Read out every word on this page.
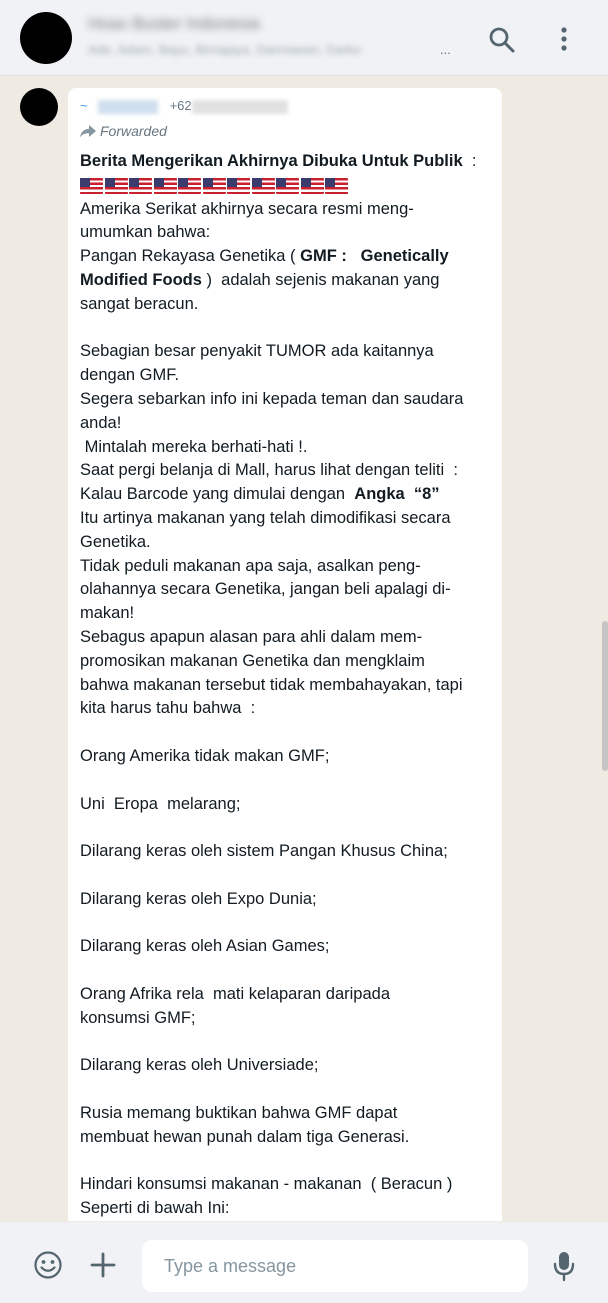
Hoax Buster Indonesia
Ade, Adam, Bayu, Bimajaya, Darmawan, Darko	...
~	+62
Forwarded
Berita Mengerikan Akhirnya Dibuka Untuk Publik  :
Amerika Serikat akhirnya secara resmi meng-
umumkan bahwa:
Pangan Rekayasa Genetika ( GMF :   Genetically
Modified Foods )  adalah sejenis makanan yang
sangat beracun.
Sebagian besar penyakit TUMOR ada kaitannya
dengan GMF.
Segera sebarkan info ini kepada teman dan saudara
anda!
Mintalah mereka berhati-hati !.
Saat pergi belanja di Mall, harus lihat dengan teliti  :
Kalau Barcode yang dimulai dengan  Angka  “8”
Itu artinya makanan yang telah dimodifikasi secara
Genetika.
Tidak peduli makanan apa saja, asalkan peng-
olahannya secara Genetika, jangan beli apalagi di-
makan!
Sebagus apapun alasan para ahli dalam mem-
promosikan makanan Genetika dan mengklaim
bahwa makanan tersebut tidak membahayakan, tapi
kita harus tahu bahwa  :
Orang Amerika tidak makan GMF;
Uni  Eropa  melarang;
Dilarang keras oleh sistem Pangan Khusus China;
Dilarang keras oleh Expo Dunia;
Dilarang keras oleh Asian Games;
Orang Afrika rela  mati kelaparan daripada
konsumsi GMF;
Dilarang keras oleh Universiade;
Rusia memang buktikan bahwa GMF dapat
membuat hewan punah dalam tiga Generasi.
Hindari konsumsi makanan - makanan  ( Beracun )
Seperti di bawah Ini:
Type a message
